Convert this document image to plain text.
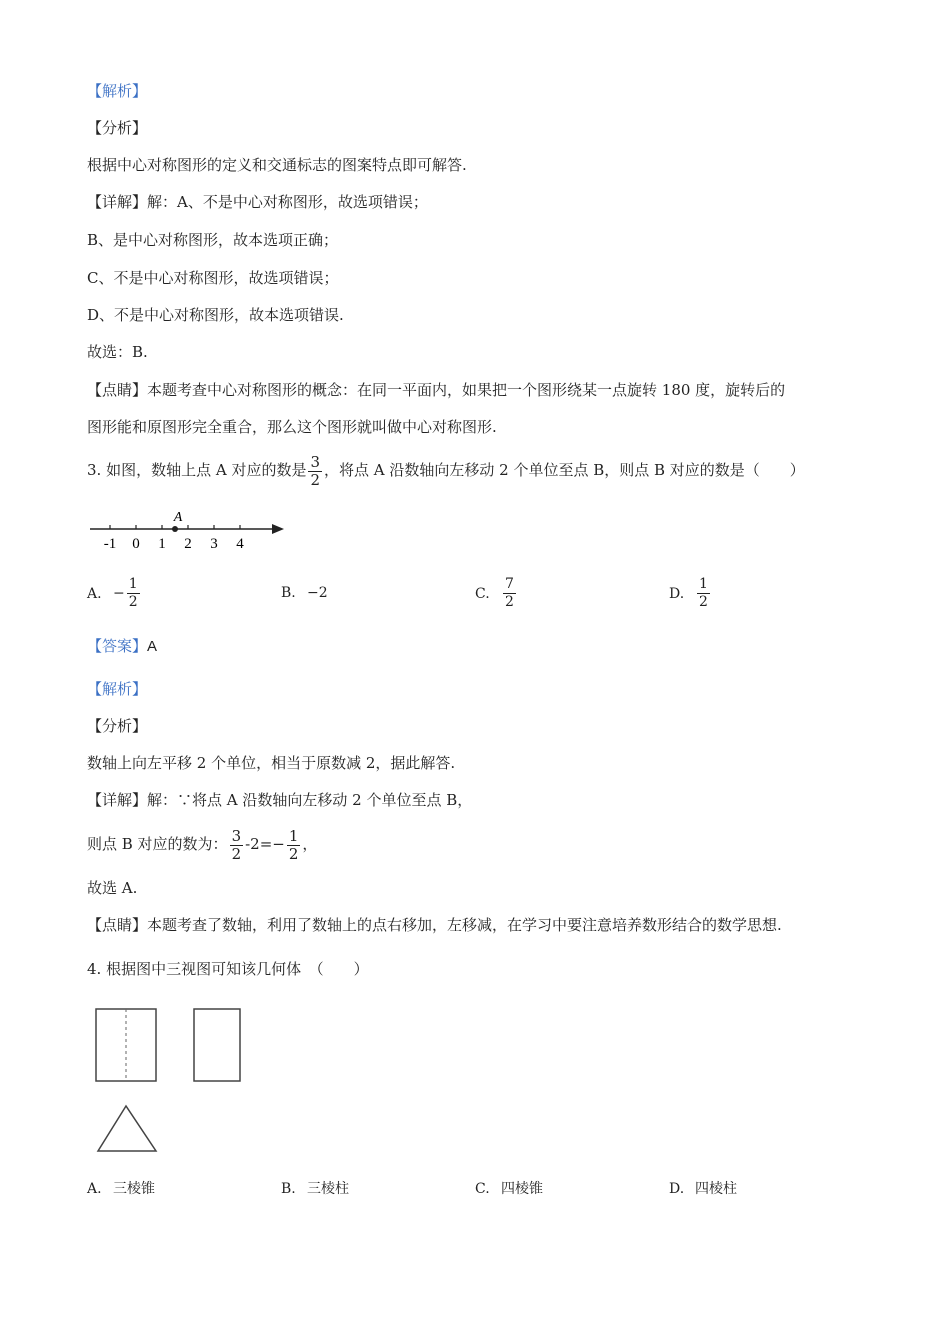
【解析】
【分析】
根据中心对称图形的定义和交通标志的图案特点即可解答.
【详解】解：A、不是中心对称图形，故选项错误；
B、是中心对称图形，故本选项正确；
C、不是中心对称图形，故选项错误；
D、不是中心对称图形，故本选项错误.
故选：B.
【点睛】本题考查中心对称图形的概念：在同一平面内，如果把一个图形绕某一点旋转 180 度，旋转后的
图形能和原图形完全重合，那么这个图形就叫做中心对称图形.
3. 如图，数轴上点 A 对应的数是 $\frac{3}{2}$ ，将点 A 沿数轴向左移动 2 个单位至点 B，则点 B 对应的数是（　　）
-1 0 1 2 3 4
A
A. − $\frac{1}{2}$	B. −2	C. $\frac{7}{2}$	D. $\frac{1}{2}$
【答案】A
【解析】
【分析】
数轴上向左平移 2 个单位，相当于原数减 2，据此解答.
【详解】解：∵将点 A 沿数轴向左移动 2 个单位至点 B，
则点 B 对应的数为： $\frac{3}{2} -2=- \frac{1}{2}$ ，
故选 A.
【点睛】本题考查了数轴，利用了数轴上的点右移加，左移减，在学习中要注意培养数形结合的数学思想.
4. 根据图中三视图可知该几何体　（　　）
A. 三棱锥	B. 三棱柱	C. 四棱锥	D. 四棱柱
